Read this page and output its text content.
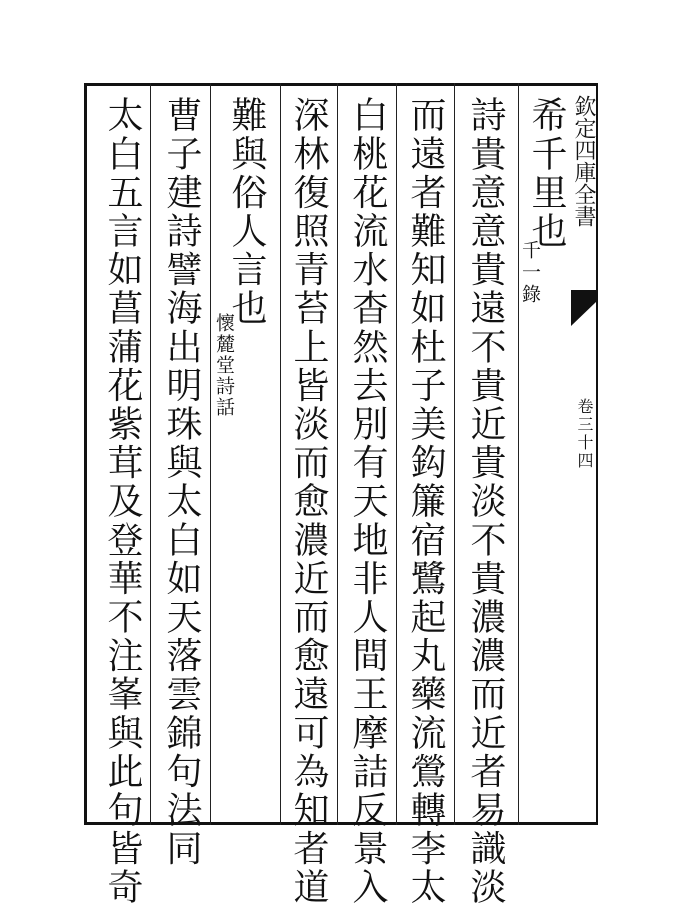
欽定四庫全書
卷三十四
希千里也
千一錄
詩貴意意貴遠不貴近貴淡不貴濃濃而近者易識淡
而遠者難知如杜子美鈎簾宿鷺起丸藥流鶯轉李太
白桃花流水杳然去別有天地非人間王摩詰反景入
深林復照青苔上皆淡而愈濃近而愈遠可為知者道
難與俗人言也
懷麓堂詩話
曹子建詩譬海出明珠與太白如天落雲錦句法同
太白五言如菖蒲花紫茸及登華不注峯與此句皆奇
